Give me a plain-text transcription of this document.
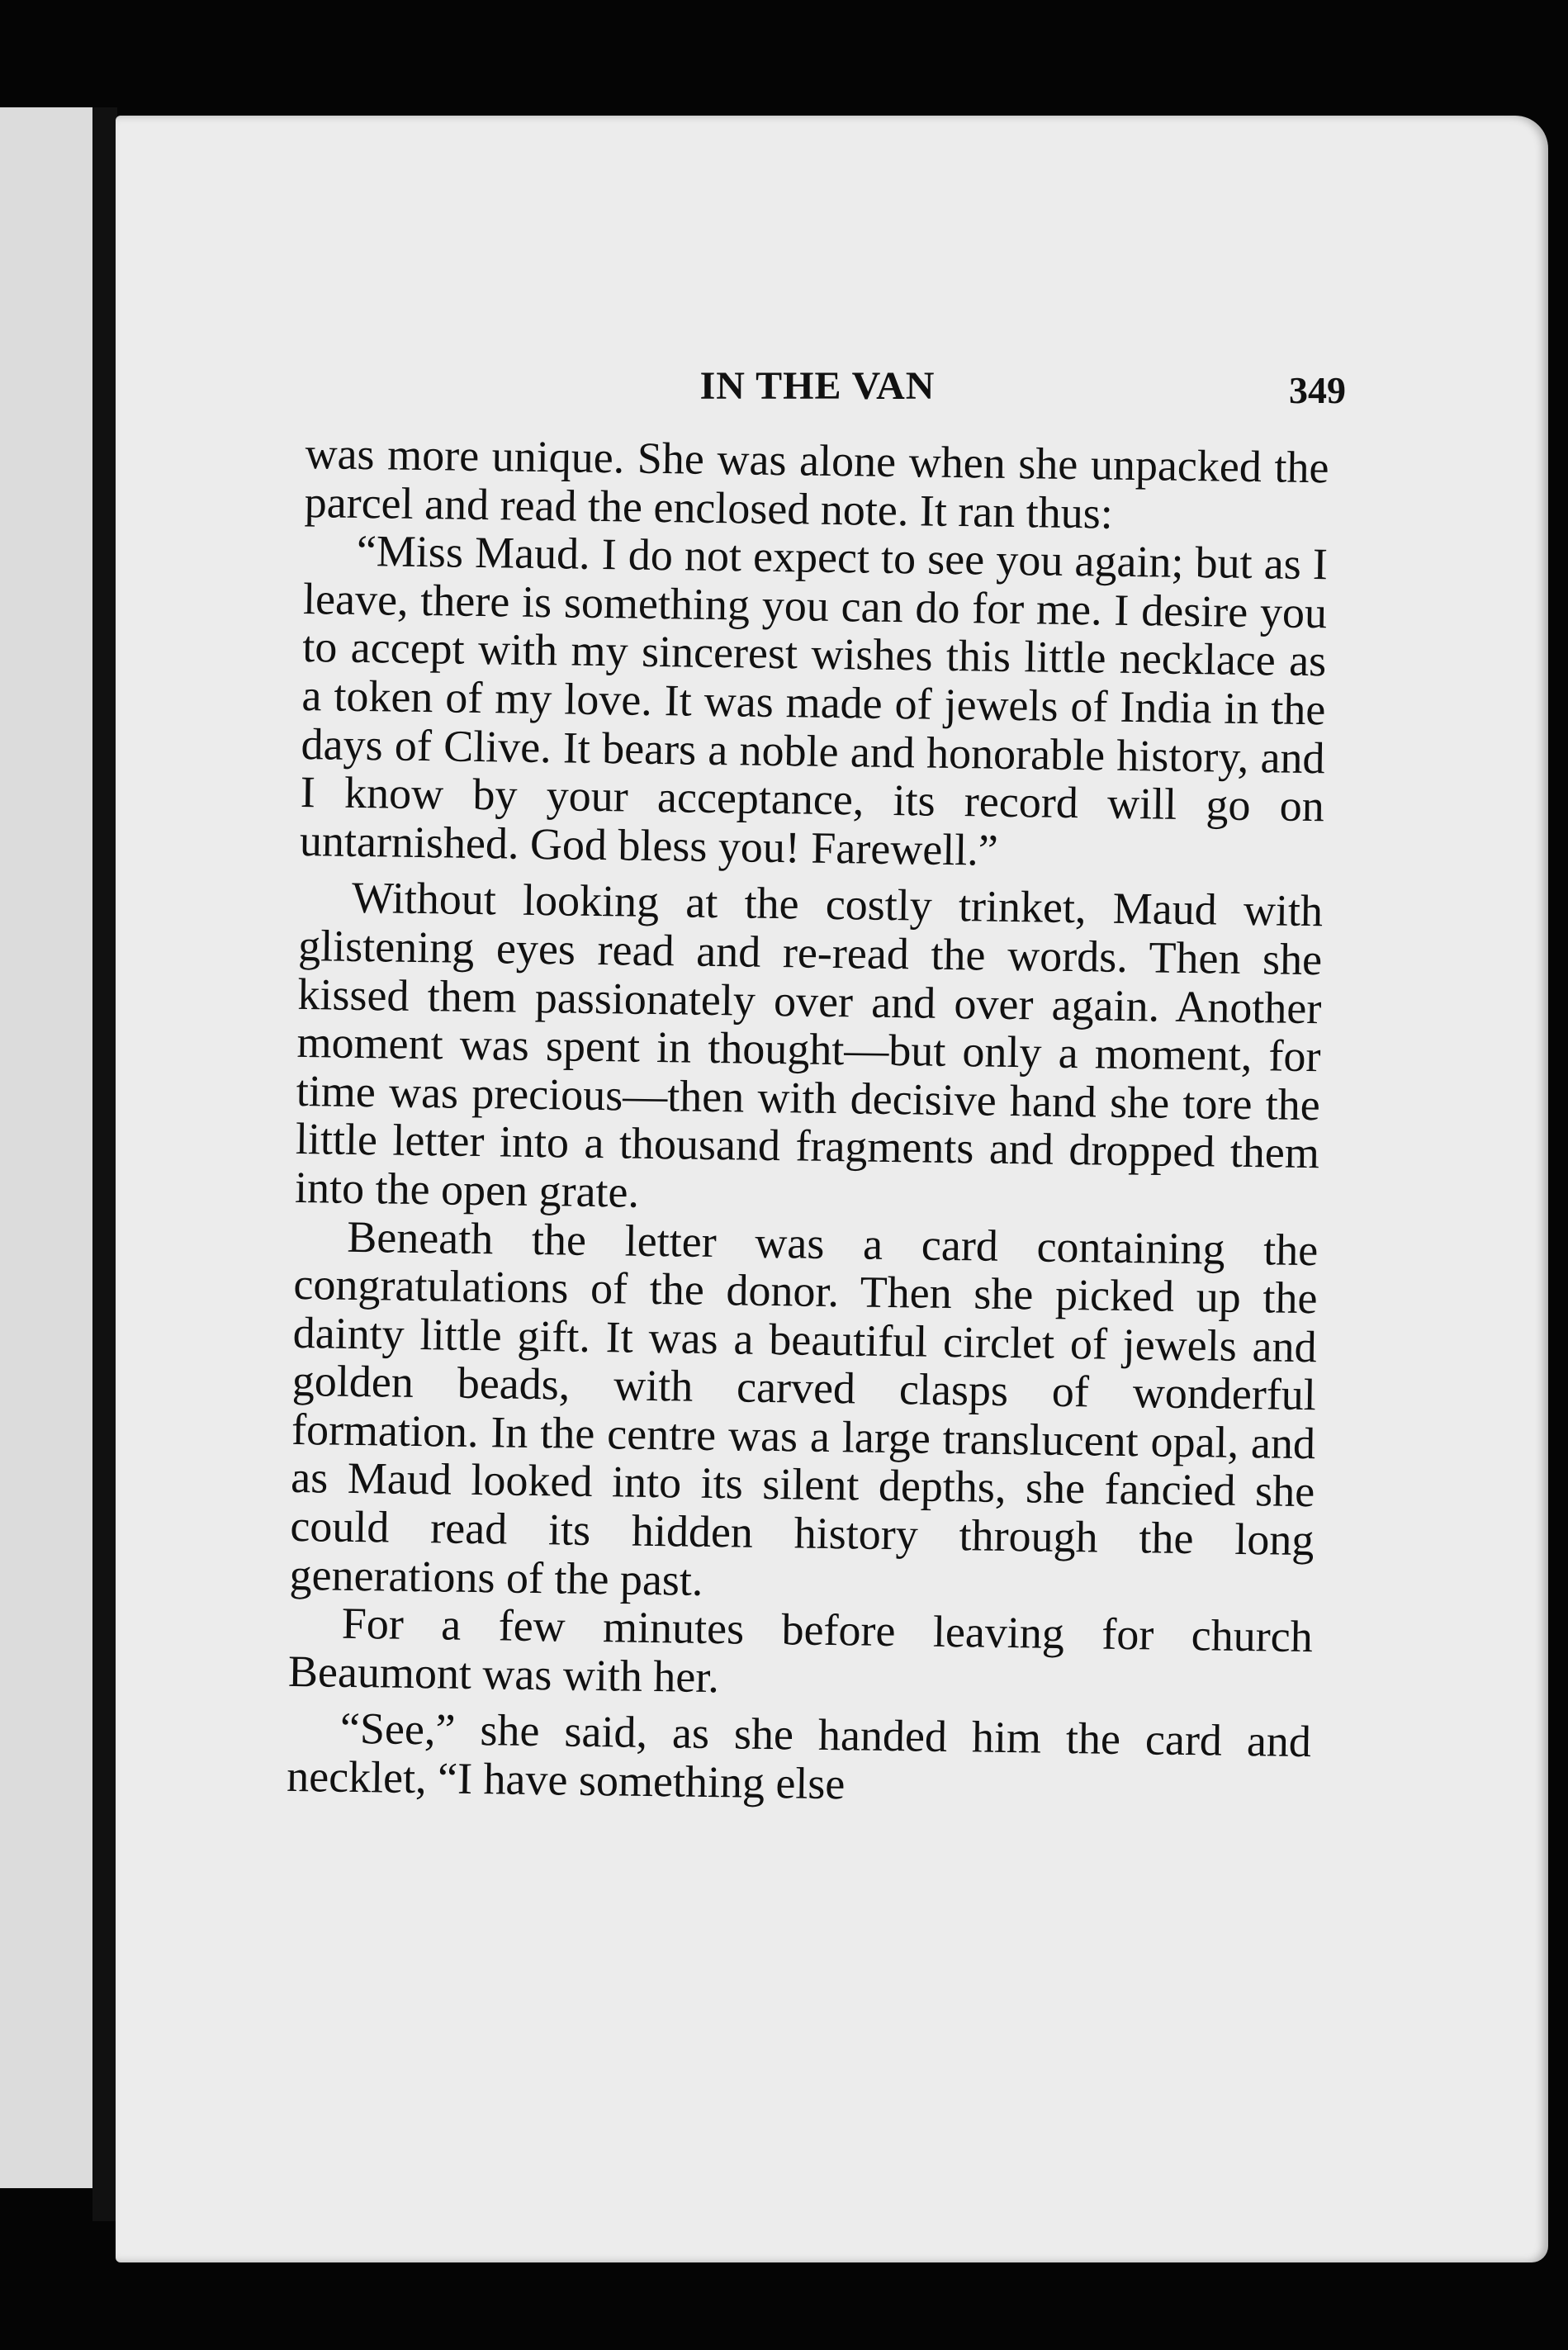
IN THE VAN	349

was more unique. She was alone when she unpacked the parcel and read the enclosed note. It ran thus:

“Miss Maud. I do not expect to see you again; but as I leave, there is something you can do for me. I desire you to accept with my sincerest wishes this little necklace as a token of my love. It was made of jewels of India in the days of Clive. It bears a noble and honorable history, and I know by your acceptance, its record will go on untarnished. God bless you! Farewell.”

Without looking at the costly trinket, Maud with glistening eyes read and re-read the words. Then she kissed them passionately over and over again. Another moment was spent in thought—but only a moment, for time was precious—then with decisive hand she tore the little letter into a thousand fragments and dropped them into the open grate.

Beneath the letter was a card containing the congratulations of the donor. Then she picked up the dainty little gift. It was a beautiful circlet of jewels and golden beads, with carved clasps of wonderful formation. In the centre was a large translucent opal, and as Maud looked into its silent depths, she fancied she could read its hidden history through the long generations of the past.

For a few minutes before leaving for church Beaumont was with her.

“See,” she said, as she handed him the card and necklet, “I have something else
